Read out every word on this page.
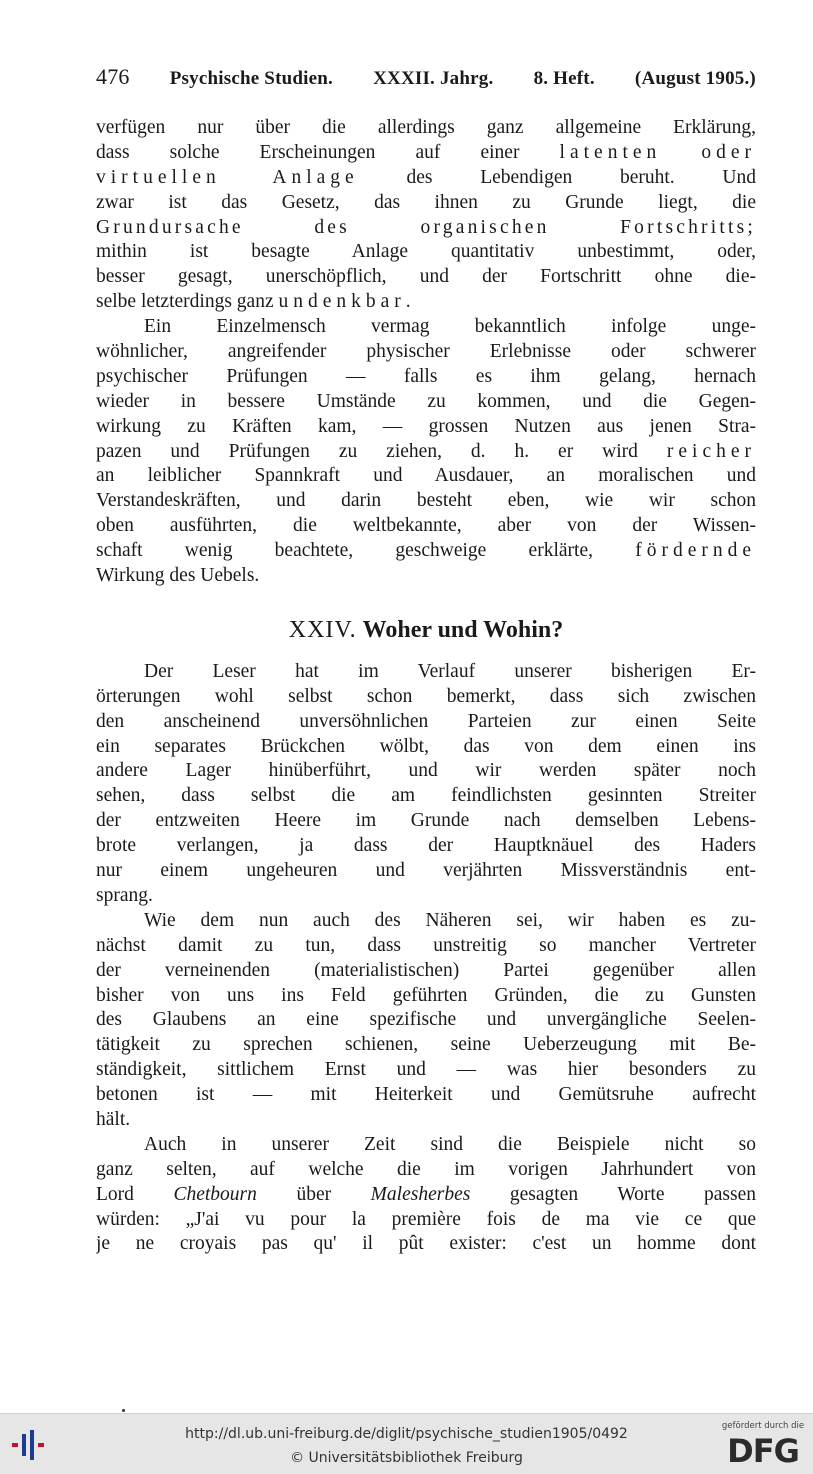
476 Psychische Studien. XXXII. Jahrg. 8. Heft. (August 1905.)
verfügen nur über die allerdings ganz allgemeine Erklärung,
dass solche Erscheinungen auf einer latenten oder
virtuellen Anlage des Lebendigen beruht. Und
zwar ist das Gesetz, das ihnen zu Grunde liegt, die
Grundursache des organischen Fortschritts;
mithin ist besagte Anlage quantitativ unbestimmt, oder,
besser gesagt, unerschöpflich, und der Fortschritt ohne die-
selbe letzterdings ganz undenkbar.
Ein Einzelmensch vermag bekanntlich infolge unge-
wöhnlicher, angreifender physischer Erlebnisse oder schwerer
psychischer Prüfungen — falls es ihm gelang, hernach
wieder in bessere Umstände zu kommen, und die Gegen-
wirkung zu Kräften kam, — grossen Nutzen aus jenen Stra-
pazen und Prüfungen zu ziehen, d. h. er wird reicher
an leiblicher Spannkraft und Ausdauer, an moralischen und
Verstandeskräften, und darin besteht eben, wie wir schon
oben ausführten, die weltbekannte, aber von der Wissen-
schaft wenig beachtete, geschweige erklärte, fördernde
Wirkung des Uebels.
XXIV. Woher und Wohin?
Der Leser hat im Verlauf unserer bisherigen Er-
örterungen wohl selbst schon bemerkt, dass sich zwischen
den anscheinend unversöhnlichen Parteien zur einen Seite
ein separates Brückchen wölbt, das von dem einen ins
andere Lager hinüberführt, und wir werden später noch
sehen, dass selbst die am feindlichsten gesinnten Streiter
der entzweiten Heere im Grunde nach demselben Lebens-
brote verlangen, ja dass der Hauptknäuel des Haders
nur einem ungeheuren und verjährten Missverständnis ent-
sprang.
Wie dem nun auch des Näheren sei, wir haben es zu-
nächst damit zu tun, dass unstreitig so mancher Vertreter
der verneinenden (materialistischen) Partei gegenüber allen
bisher von uns ins Feld geführten Gründen, die zu Gunsten
des Glaubens an eine spezifische und unvergängliche Seelen-
tätigkeit zu sprechen schienen, seine Ueberzeugung mit Be-
ständigkeit, sittlichem Ernst und — was hier besonders zu
betonen ist — mit Heiterkeit und Gemütsruhe aufrecht
hält.
Auch in unserer Zeit sind die Beispiele nicht so
ganz selten, auf welche die im vorigen Jahrhundert von
Lord Chetbourn über Malesherbes gesagten Worte passen
würden: „J'ai vu pour la première fois de ma vie ce que
je ne croyais pas qu' il pût exister: c'est un homme dont
http://dl.ub.uni-freiburg.de/diglit/psychische_studien1905/0492
© Universitätsbibliothek Freiburg
gefördert durch die
DFG
